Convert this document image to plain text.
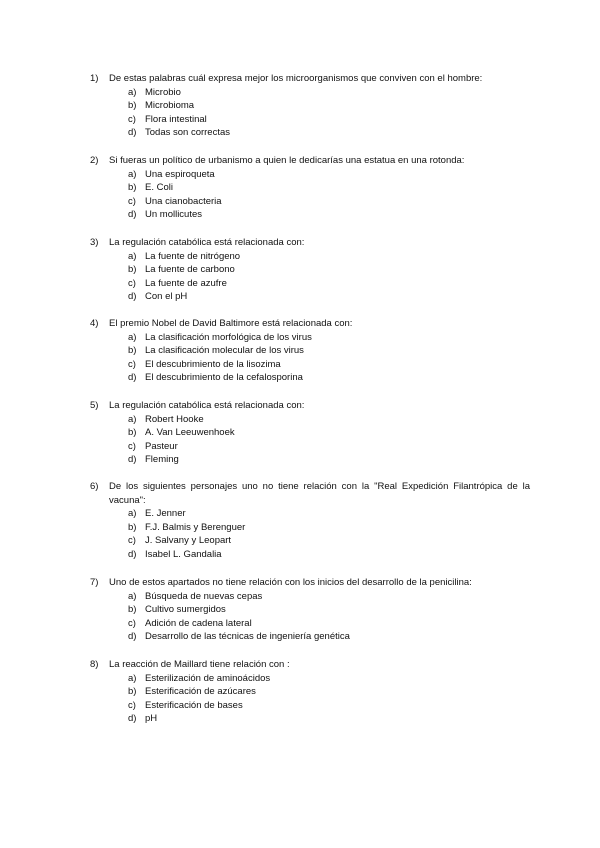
1)	De estas palabras cuál expresa mejor los microorganismos que conviven con el hombre:
a) Microbio
b) Microbioma
c) Flora intestinal
d) Todas son correctas
2)	Si fueras un político de urbanismo a quien le dedicarías una estatua en una rotonda:
a) Una espiroqueta
b) E. Coli
c) Una cianobacteria
d) Un mollicutes
3)	La regulación catabólica está relacionada con:
a) La fuente de nitrógeno
b) La fuente de carbono
c) La fuente de azufre
d) Con el pH
4)	El premio Nobel de David Baltimore está relacionada con:
a) La clasificación morfológica de los virus
b) La clasificación molecular de los virus
c) El descubrimiento de la lisozima
d) El descubrimiento de la cefalosporina
5)	La regulación catabólica está relacionada con:
a) Robert Hooke
b) A. Van Leeuwenhoek
c) Pasteur
d) Fleming
6)	De los siguientes personajes uno no tiene relación con la "Real Expedición Filantrópica de la vacuna":
a) E. Jenner
b) F.J. Balmis y Berenguer
c) J. Salvany y Leopart
d) Isabel L. Gandalia
7)	Uno de estos apartados no tiene relación con los inicios del desarrollo de la penicilina:
a) Búsqueda de nuevas cepas
b) Cultivo sumergidos
c) Adición de cadena lateral
d) Desarrollo de las técnicas de ingeniería genética
8)	La reacción de Maillard tiene relación con :
a) Esterilización de aminoácidos
b) Esterificación de azúcares
c) Esterificación de bases
d) pH
